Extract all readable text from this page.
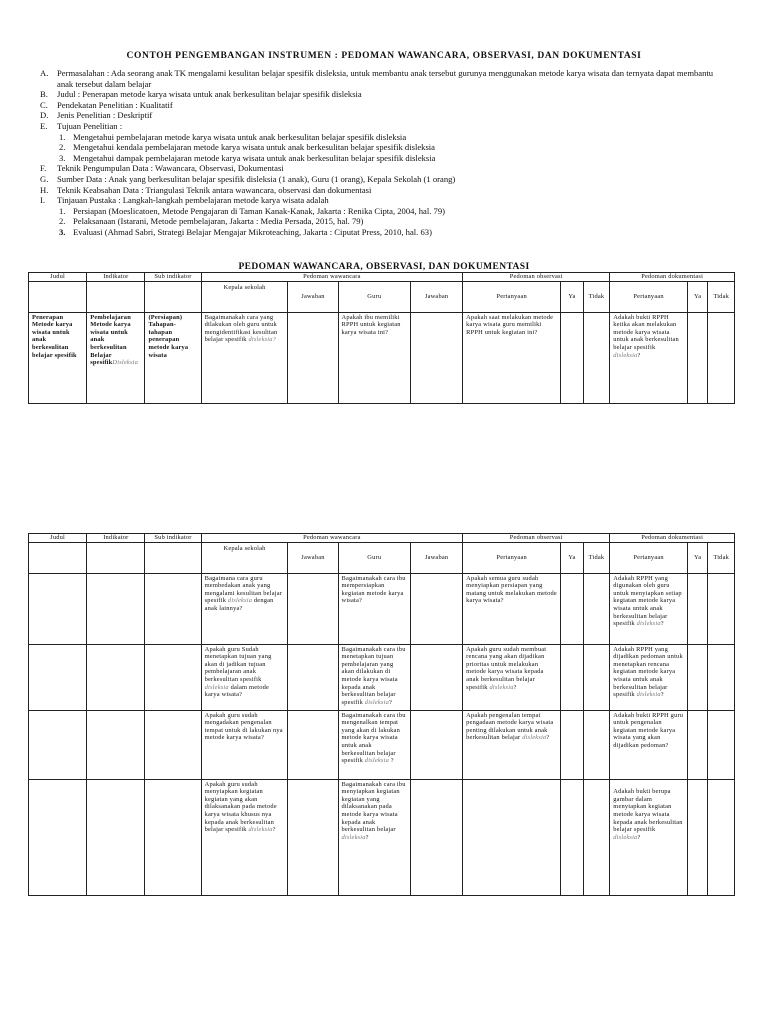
CONTOH PENGEMBANGAN INSTRUMEN : PEDOMAN WAWANCARA, OBSERVASI, DAN DOKUMENTASI
A.	Permasalahan : Ada seorang anak TK mengalami kesulitan belajar spesifik disleksia, untuk membantu anak tersebut gurunya menggunakan metode karya wisata dan ternyata dapat membantu anak tersebut dalam belajar
B.	Judul : Penerapan metode karya wisata untuk anak berkesulitan belajar spesifik disleksia
C.	Pendekatan Penelitian : Kualitatif
D.	Jenis Penelitian : Deskriptif
E.	Tujuan Penelitian :
1. Mengetahui pembelajaran metode karya wisata untuk anak berkesulitan belajar spesifik disleksia
2. Mengetahui kendala pembelajaran metode karya wisata untuk anak berkesulitan belajar spesifik disleksia
3. Mengetahui dampak pembelajaran metode karya wisata untuk anak berkesulitan belajar spesifik disleksia
F.	Teknik Pengumpulan Data : Wawancara, Observasi, Dokumentasi
G.	Sumber Data : Anak yang berkesulitan belajar spesifik disleksia (1 anak), Guru (1 orang), Kepala Sekolah (1 orang)
H.	Teknik Keabsahan Data : Triangulasi Teknik antara wawancara, observasi dan dokumentasi
I.	Tinjauan Pustaka : Langkah-langkah pembelajaran metode karya wisata adalah
1. Persiapan (Moeslicatoen, Metode Pengajaran di Taman Kanak-Kanak, Jakarta : Renika Cipta, 2004, hal. 79)
2. Pelaksanaan (Istarani, Metode pembelajaran, Jakarta : Media Persada, 2015, hal. 79)
3. Evaluasi (Ahmad Sabri, Strategi Belajar Mengajar Mikroteaching, Jakarta : Ciputat Press, 2010, hal. 63)
PEDOMAN WAWANCARA, OBSERVASI, DAN DOKUMENTASI
Judul	Indikator	Sub indikator	Pedoman wawancara				Pedoman observasi			Pedoman dokumentasi		
			Kepala sekolah	Jawaban	Guru	Jawaban	Pertanyaan	Ya	Tidak	Pertanyaan	Ya	Tidak
Penerapan Metode karya wisata untuk anak berkesulitan belajar spesifik	Pembelajaran Metode karya wisata untuk anak berkesulitan Belajar spesifikDisleksia	(Persiapan) Tahapan-tahapan penerapan metode karya wisata	Bagaimanakah cara yang dilakukan oleh guru untuk mengidentifikasi kesulitan belajar spesifik disleksia?		Apakah ibu memiliki RPPH untuk kegiatan karya wisata ini?		Apakah saat melakukan metode karya wisata guru memiliki RPPH untuk kegiatan ini?			Adakah bukti RPPH ketika akan melakukan metode karya wisata untuk anak berkesulitan belajar spesifik disleksia?		
Judul	Indikator	Sub indikator	Pedoman wawancara				Pedoman observasi			Pedoman dokumentasi		
			Kepala sekolah	Jawaban	Guru	Jawaban	Pertanyaan	Ya	Tidak	Pertanyaan	Ya	Tidak
			Bagaimana cara guru membedakan anak yang mengalami kesulitan belajar spesifik disleksia dengan anak lainnya?		Bagaimanakah cara ibu mempersiapkan kegiatan metode karya wisata?		Apakah semua guru sudah menyiapkan persiapan yang matang untuk melakukan metode karya wisata?			Adakah RPPH yang digunakan oleh guru untuk menyiapkan setiap kegiatan metode karya wisata untuk anak berkesulitan belajar spesifik disleksia?		
			Apakah guru Sudah menetapkan tujuan yang akan di jadikan tujuan pembelajaran anak berkesulitan spesifik disleksia dalam metode karya wisata?		Bagaimanakah cara ibu menetapkan tujuan pembelajaran yang akan dilakukan di metode karya wisata kepada anak berkesulitan belajar spesifik disleksia?		Apakah guru sudah membuat rencana yang akan dijadikan prioritas untuk melakukan metode karya wisata kepada anak berkesulitan belajar spesifik disleksia?			Adakah RPPH yang dijadikan pedoman untuk menetapkan rencana kegiatan metode karya wisata untuk anak berkesulitan belajar spesifik disleksia?		
			Apakah guru sudah mengadakan pengenalan tempat untuk di lakukan nya metode karya wisata?		Bagaimanakah cara ibu mengenalkan tempat yang akan di lakukan metode karya wisata untuk anak berkesulitan belajar spesifik disleksia ?		Apakah pengenalan tempat pengadaan metode karya wisata penting dilakukan untuk anak berkesulitan belajar disleksia?			Adakah bukti RPPH guru untuk pengenalan kegiatan metode karya wisata yang akan dijadikan pedoman?		
			Apakah guru sudah menyiapkan kegiatan kegiatan yang akan dilaksanakan pada metode karya wisata khusus nya kepada anak berkesulitan belajar spesifik disleksia?		Bagaimanakah cara ibu menyiapkan kegiatan kegiatan yang dilaksanakan pada metode karya wisata kepada anak berkesulitan belajar disleksia?					Adakah bukti berupa gambar dalam menyiapkan kegiatan metode karya wisata kepada anak berkesulitan belajar spesifik disleksia?		
